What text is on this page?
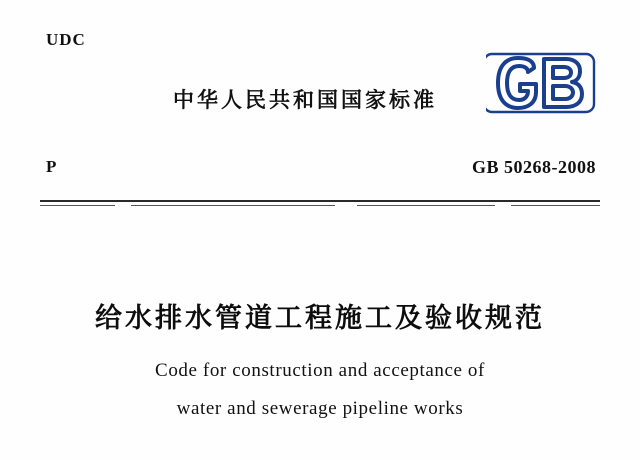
UDC
中华人民共和国国家标准
P	GB 50268-2008
给水排水管道工程施工及验收规范
Code for construction and acceptance of
water and sewerage pipeline works
